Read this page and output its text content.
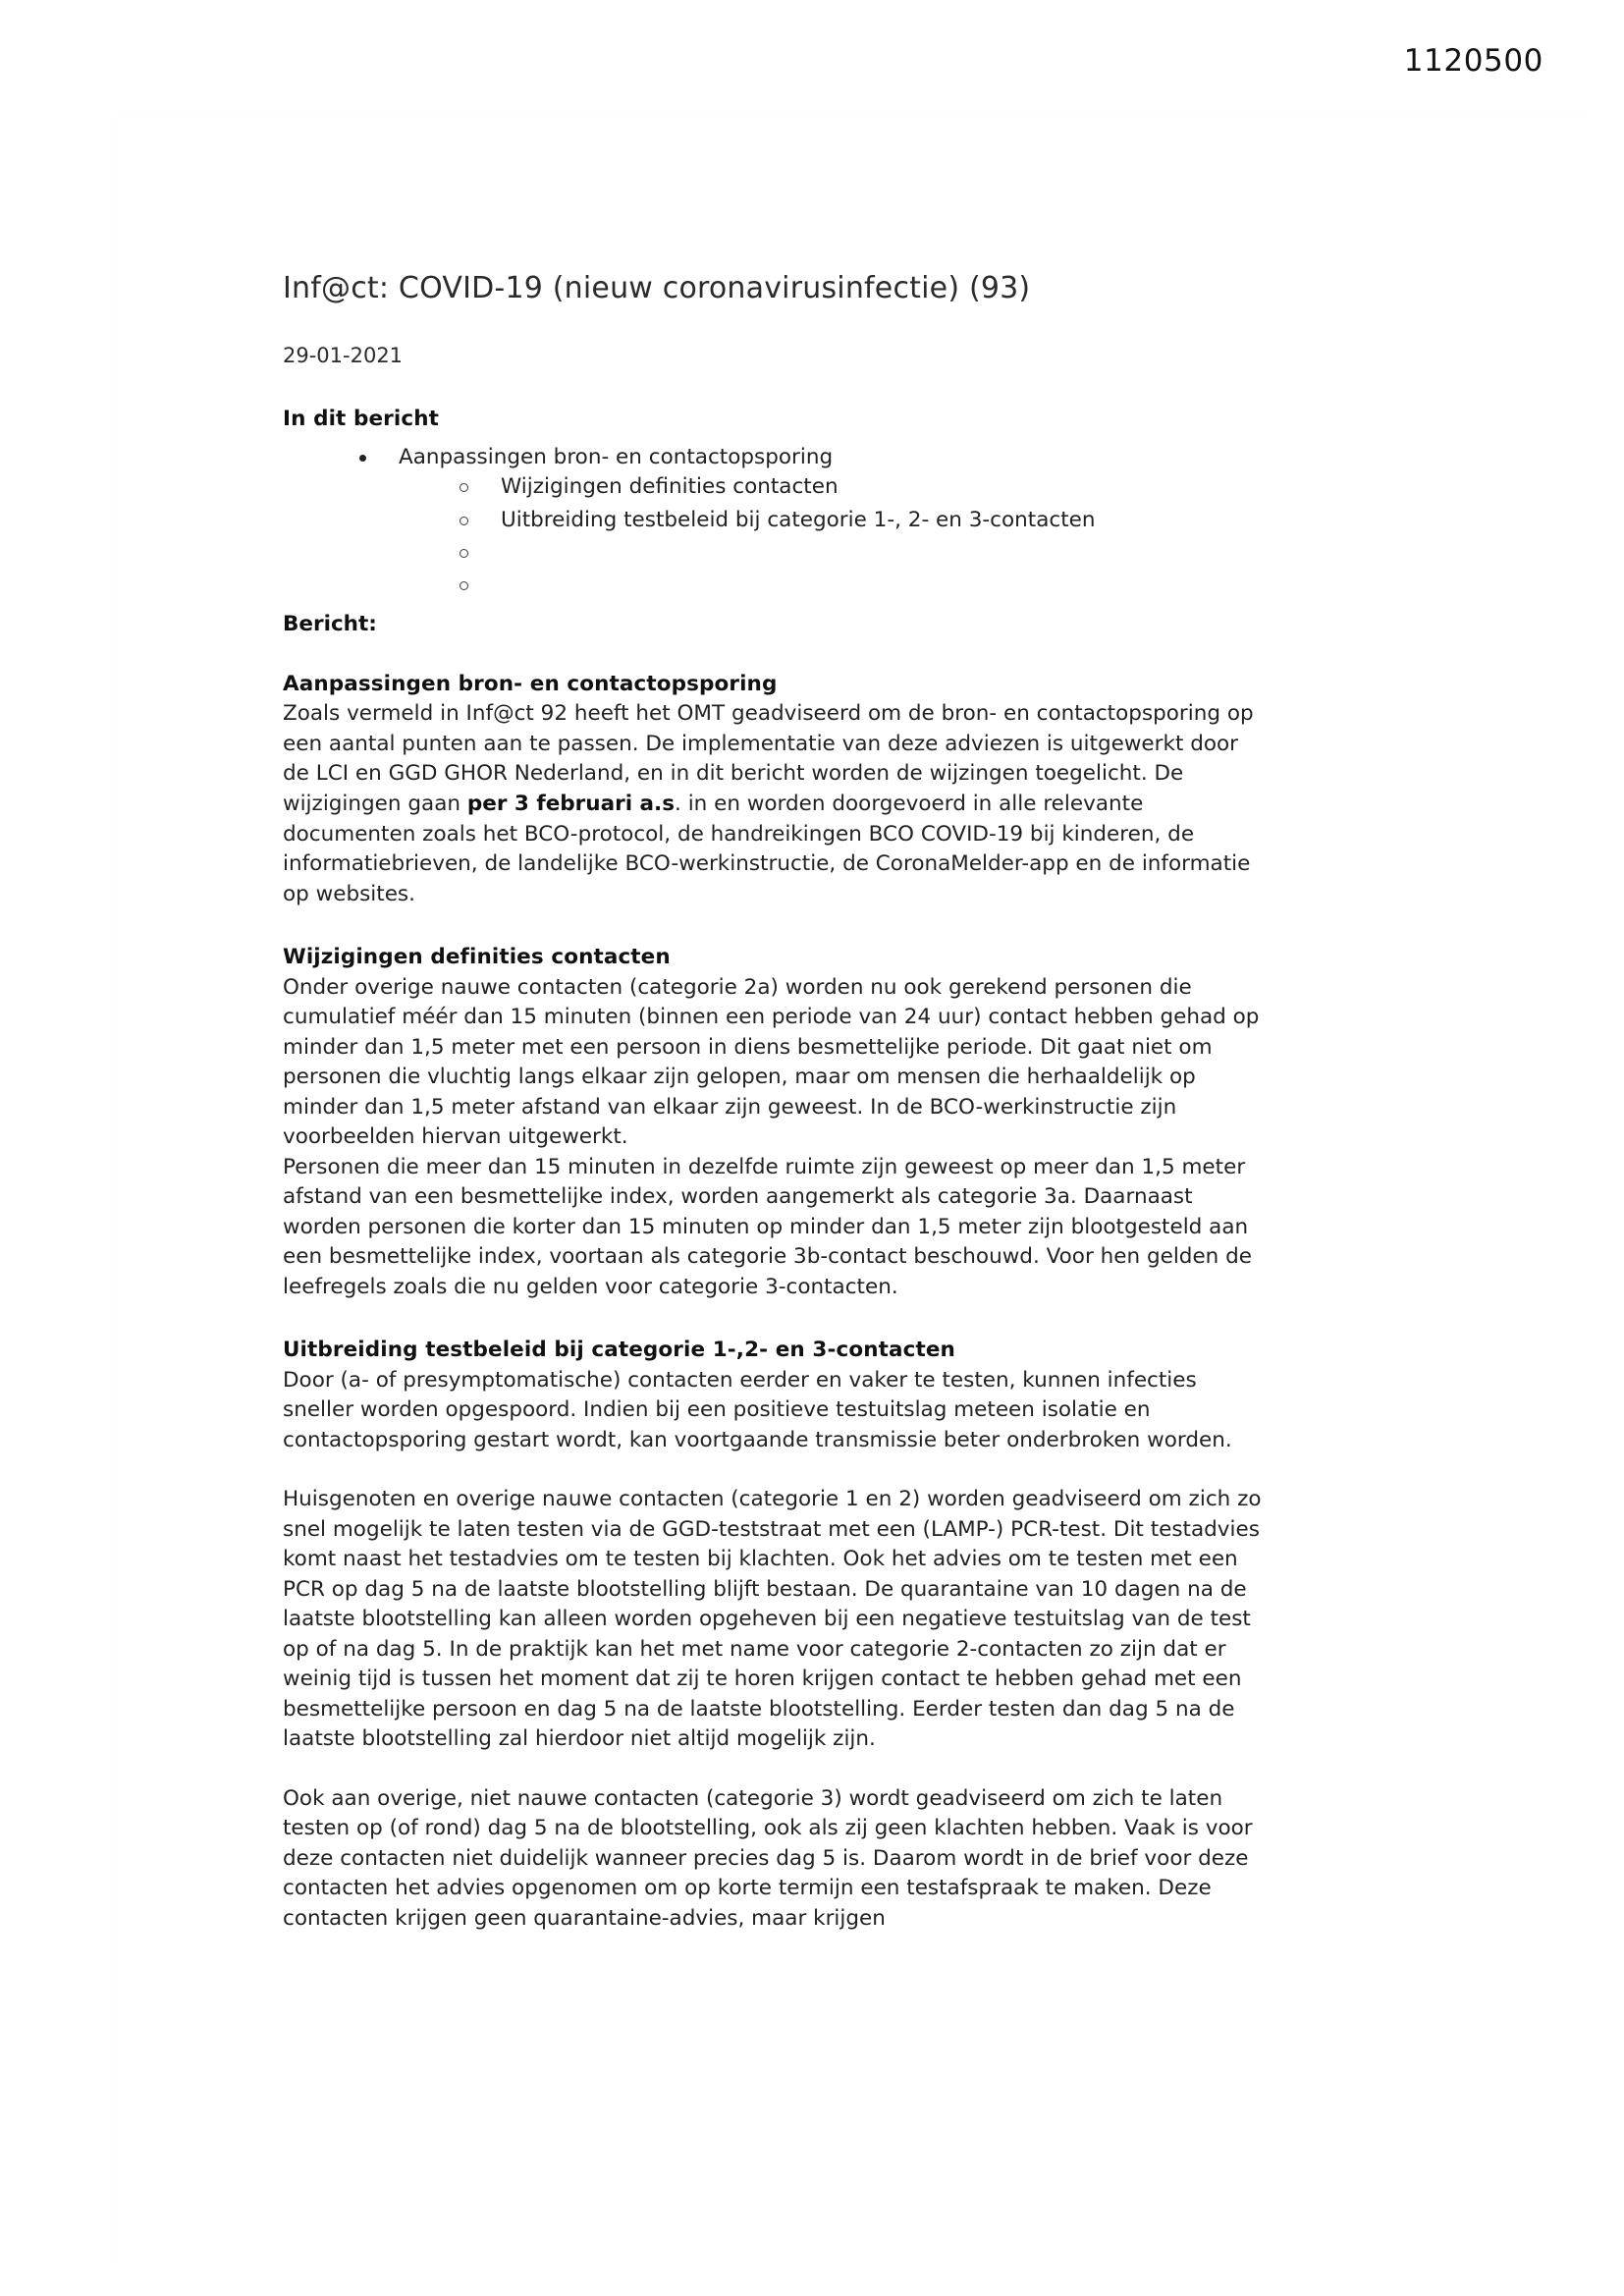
1120500
Inf@ct: COVID-19 (nieuw coronavirusinfectie) (93)
29-01-2021
In dit bericht
Aanpassingen bron- en contactopsporing
Wijzigingen definities contacten
Uitbreiding testbeleid bij categorie 1-, 2- en 3-contacten
Bericht:
Aanpassingen bron- en contactopsporing

Zoals vermeld in Inf@ct 92 heeft het OMT geadviseerd om de bron- en contactopsporing op een aantal punten aan te passen. De implementatie van deze adviezen is uitgewerkt door de LCI en GGD GHOR Nederland, en in dit bericht worden de wijzingen toegelicht. De wijzigingen gaan per 3 februari a.s. in en worden doorgevoerd in alle relevante documenten zoals het BCO-protocol, de handreikingen BCO COVID-19 bij kinderen, de informatiebrieven, de landelijke BCO-werkinstructie, de CoronaMelder-app en de informatie op websites.

Wijzigingen definities contacten

Onder overige nauwe contacten (categorie 2a) worden nu ook gerekend personen die cumulatief méér dan 15 minuten (binnen een periode van 24 uur) contact hebben gehad op minder dan 1,5 meter met een persoon in diens besmettelijke periode. Dit gaat niet om personen die vluchtig langs elkaar zijn gelopen, maar om mensen die herhaaldelijk op minder dan 1,5 meter afstand van elkaar zijn geweest. In de BCO-werkinstructie zijn voorbeelden hiervan uitgewerkt.

Personen die meer dan 15 minuten in dezelfde ruimte zijn geweest op meer dan 1,5 meter afstand van een besmettelijke index, worden aangemerkt als categorie 3a. Daarnaast worden personen die korter dan 15 minuten op minder dan 1,5 meter zijn blootgesteld aan een besmettelijke index, voortaan als categorie 3b-contact beschouwd. Voor hen gelden de leefregels zoals die nu gelden voor categorie 3-contacten.

Uitbreiding testbeleid bij categorie 1-,2- en 3-contacten

Door (a- of presymptomatische) contacten eerder en vaker te testen, kunnen infecties sneller worden opgespoord. Indien bij een positieve testuitslag meteen isolatie en contactopsporing gestart wordt, kan voortgaande transmissie beter onderbroken worden.

Huisgenoten en overige nauwe contacten (categorie 1 en 2) worden geadviseerd om zich zo snel mogelijk te laten testen via de GGD-teststraat met een (LAMP-) PCR-test. Dit testadvies komt naast het testadvies om te testen bij klachten. Ook het advies om te testen met een PCR op dag 5 na de laatste blootstelling blijft bestaan. De quarantaine van 10 dagen na de laatste blootstelling kan alleen worden opgeheven bij een negatieve testuitslag van de test op of na dag 5. In de praktijk kan het met name voor categorie 2-contacten zo zijn dat er weinig tijd is tussen het moment dat zij te horen krijgen contact te hebben gehad met een besmettelijke persoon en dag 5 na de laatste blootstelling. Eerder testen dan dag 5 na de laatste blootstelling zal hierdoor niet altijd mogelijk zijn.

Ook aan overige, niet nauwe contacten (categorie 3) wordt geadviseerd om zich te laten testen op (of rond) dag 5 na de blootstelling, ook als zij geen klachten hebben. Vaak is voor deze contacten niet duidelijk wanneer precies dag 5 is. Daarom wordt in de brief voor deze contacten het advies opgenomen om op korte termijn een testafspraak te maken. Deze contacten krijgen geen quarantaine-advies, maar krijgen
